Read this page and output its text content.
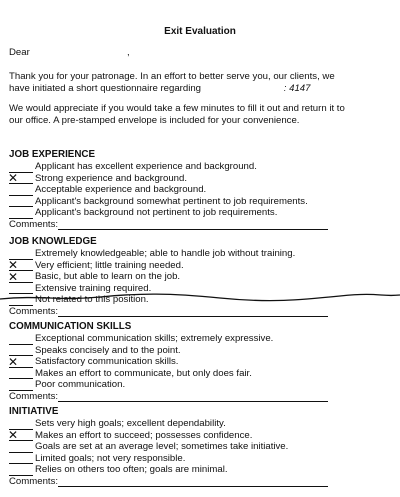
Exit Evaluation
Dear	,
Thank you for your patronage. In an effort to better serve you, our clients, we
have initiated a short questionnaire regarding	 : 4147
We would appreciate if you would take a few minutes to fill it out and return it to
our office. A pre-stamped envelope is included for your convenience.
JOB EXPERIENCE
Applicant has excellent experience and background.
✕	Strong experience and background.
Acceptable experience and background.
Applicant's background somewhat pertinent to job requirements.
Applicant's background not pertinent to job requirements.
Comments:
JOB KNOWLEDGE
Extremely knowledgeable; able to handle job without training.
✕	Very efficient; little training needed.
✕	Basic, but able to learn on the job.
Extensive training required.
Not related to this position.
Comments:
COMMUNICATION SKILLS
Exceptional communication skills; extremely expressive.
Speaks concisely and to the point.
✕	Satisfactory communication skills.
Makes an effort to communicate, but only does fair.
Poor communication.
Comments:
INITIATIVE
Sets very high goals; excellent dependability.
✕	Makes an effort to succeed; possesses confidence.
Goals are set at an average level; sometimes take initiative.
Limited goals; not very responsible.
Relies on others too often; goals are minimal.
Comments:
